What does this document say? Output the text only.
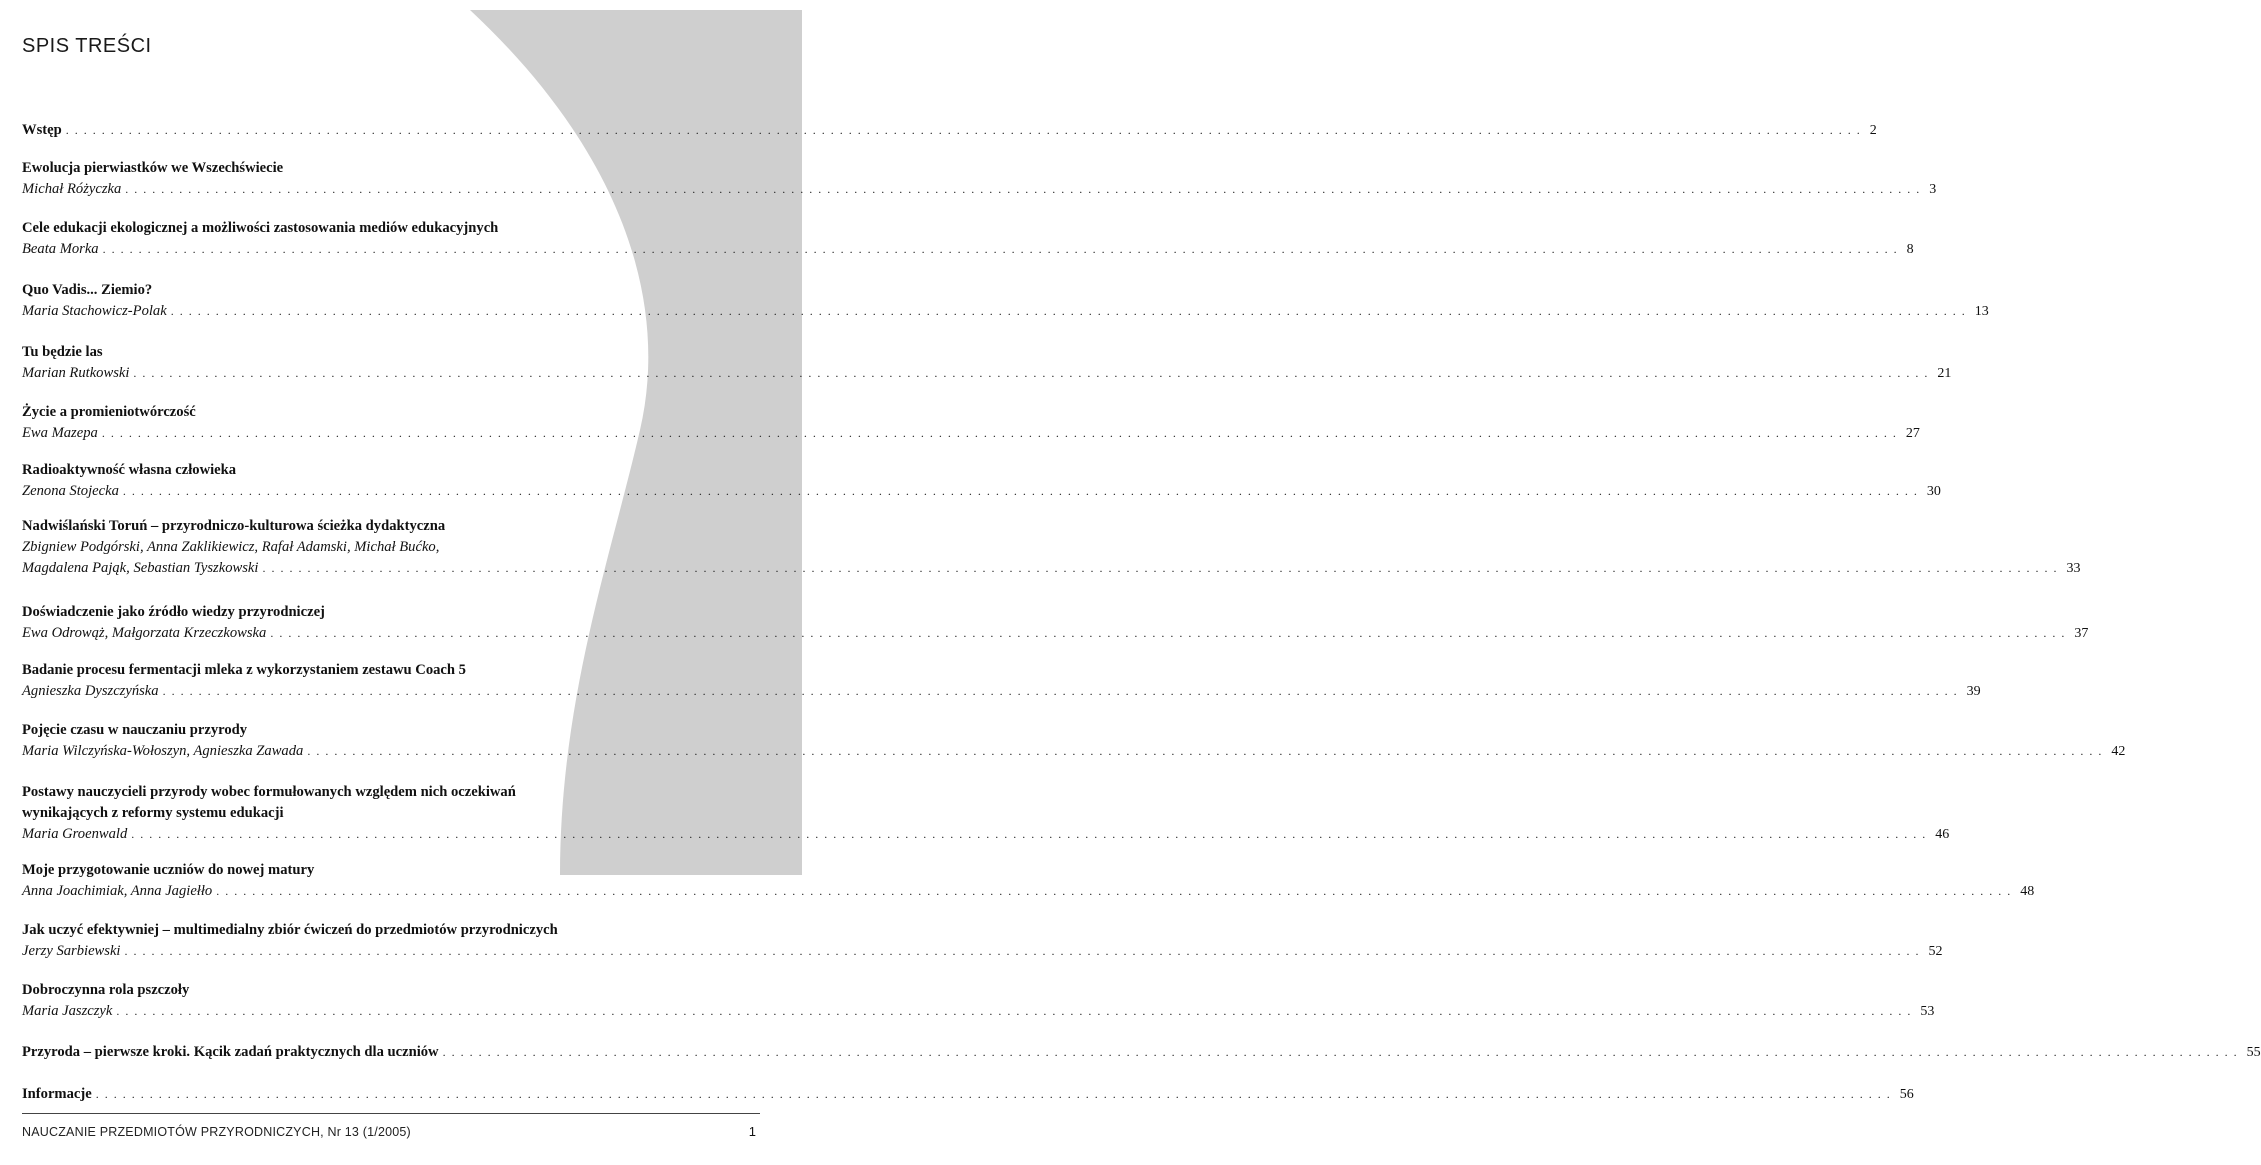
SPIS TREŚCI
Wstęp ........................................................................................................................................................................................................ 2
Ewolucja pierwiastków we Wszechświecie
Michał Różyczka ........................................................................................................................................................................................................ 3
Cele edukacji ekologicznej a możliwości zastosowania mediów edukacyjnych
Beata Morka ........................................................................................................................................................................................................ 8
Quo Vadis... Ziemio?
Maria Stachowicz-Polak ........................................................................................................................................................................................................ 13
Tu będzie las
Marian Rutkowski ........................................................................................................................................................................................................ 21
Życie a promieniotwórczość
Ewa Mazepa ........................................................................................................................................................................................................ 27
Radioaktywność własna człowieka
Zenona Stojecka ........................................................................................................................................................................................................ 30
Nadwiślański Toruń – przyrodniczo-kulturowa ścieżka dydaktyczna
Zbigniew Podgórski, Anna Zaklikiewicz, Rafał Adamski, Michał Bućko,
Magdalena Pająk, Sebastian Tyszkowski ........................................................................................................................................................................................................ 33
Doświadczenie jako źródło wiedzy przyrodniczej
Ewa Odrowąż, Małgorzata Krzeczkowska ........................................................................................................................................................................................................ 37
Badanie procesu fermentacji mleka z wykorzystaniem zestawu Coach 5
Agnieszka Dyszczyńska ........................................................................................................................................................................................................ 39
Pojęcie czasu w nauczaniu przyrody
Maria Wilczyńska-Wołoszyn, Agnieszka Zawada ........................................................................................................................................................................................................ 42
Postawy nauczycieli przyrody wobec formułowanych względem nich oczekiwań
wynikających z reformy systemu edukacji
Maria Groenwald ........................................................................................................................................................................................................ 46
Moje przygotowanie uczniów do nowej matury
Anna Joachimiak, Anna Jagiełło ........................................................................................................................................................................................................ 48
Jak uczyć efektywniej – multimedialny zbiór ćwiczeń do przedmiotów przyrodniczych
Jerzy Sarbiewski ........................................................................................................................................................................................................ 52
Dobroczynna rola pszczoły
Maria Jaszczyk ........................................................................................................................................................................................................ 53
Przyroda – pierwsze kroki. Kącik zadań praktycznych dla uczniów ........................................................................................................................................................................................................ 55
Informacje ........................................................................................................................................................................................................ 56
NAUCZANIE PRZEDMIOTÓW PRZYRODNICZYCH, Nr 13 (1/2005)	1
